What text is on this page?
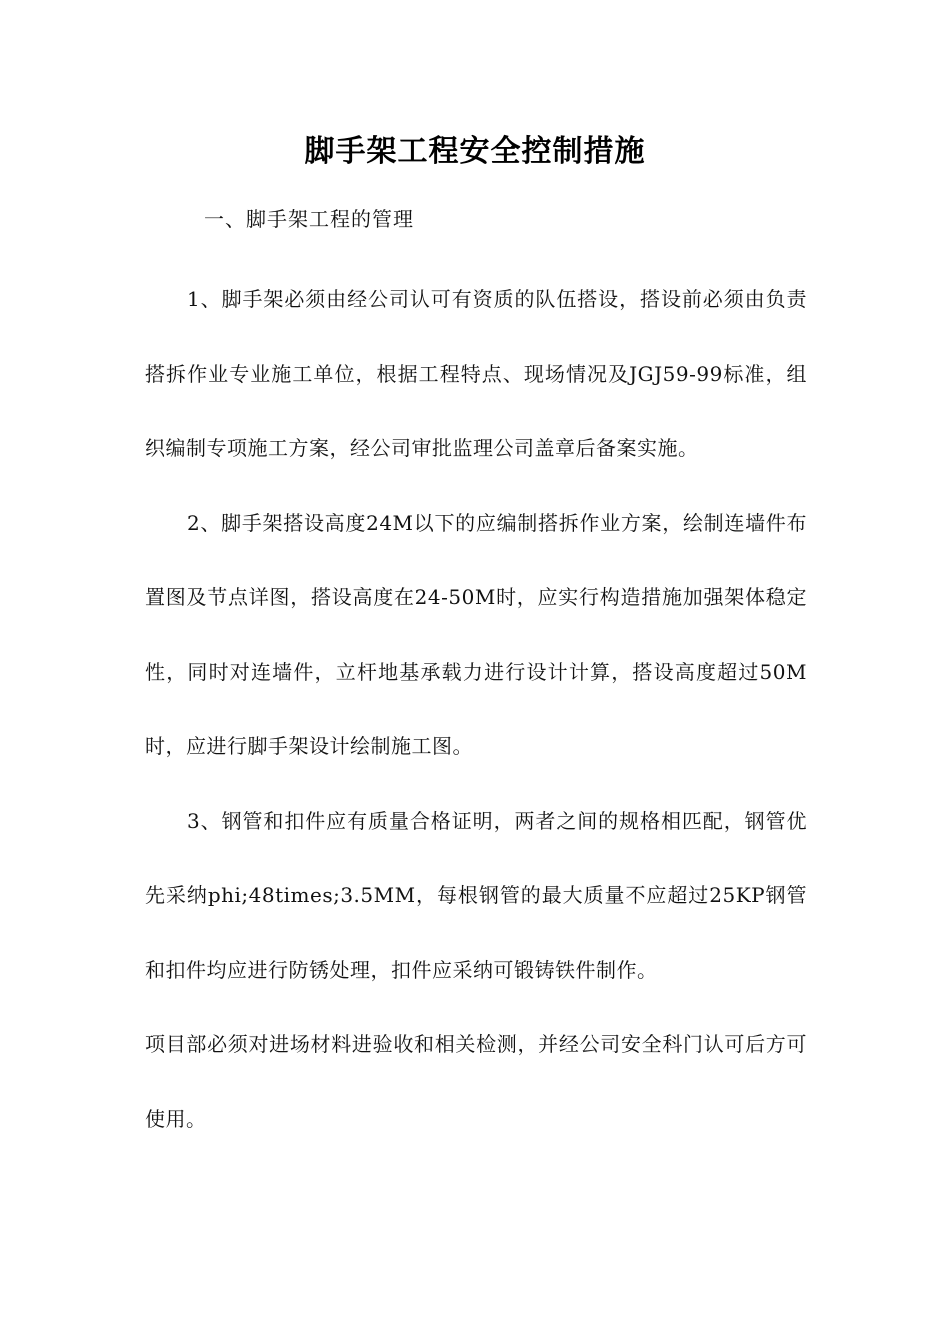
脚手架工程安全控制措施
一、脚手架工程的管理

1、脚手架必须由经公司认可有资质的队伍搭设，搭设前必须由负责搭拆作业专业施工单位，根据工程特点、现场情况及JGJ59-99标准，组织编制专项施工方案，经公司审批监理公司盖章后备案实施。

2、脚手架搭设高度24M以下的应编制搭拆作业方案，绘制连墙件布置图及节点详图，搭设高度在24-50M时，应实行构造措施加强架体稳定性，同时对连墙件，立杆地基承载力进行设计计算，搭设高度超过50M时，应进行脚手架设计绘制施工图。

3、钢管和扣件应有质量合格证明，两者之间的规格相匹配，钢管优先采纳phi;48times;3.5MM，每根钢管的最大质量不应超过25KP钢管和扣件均应进行防锈处理，扣件应采纳可锻铸铁件制作。

项目部必须对进场材料进验收和相关检测，并经公司安全科门认可后方可使用。
